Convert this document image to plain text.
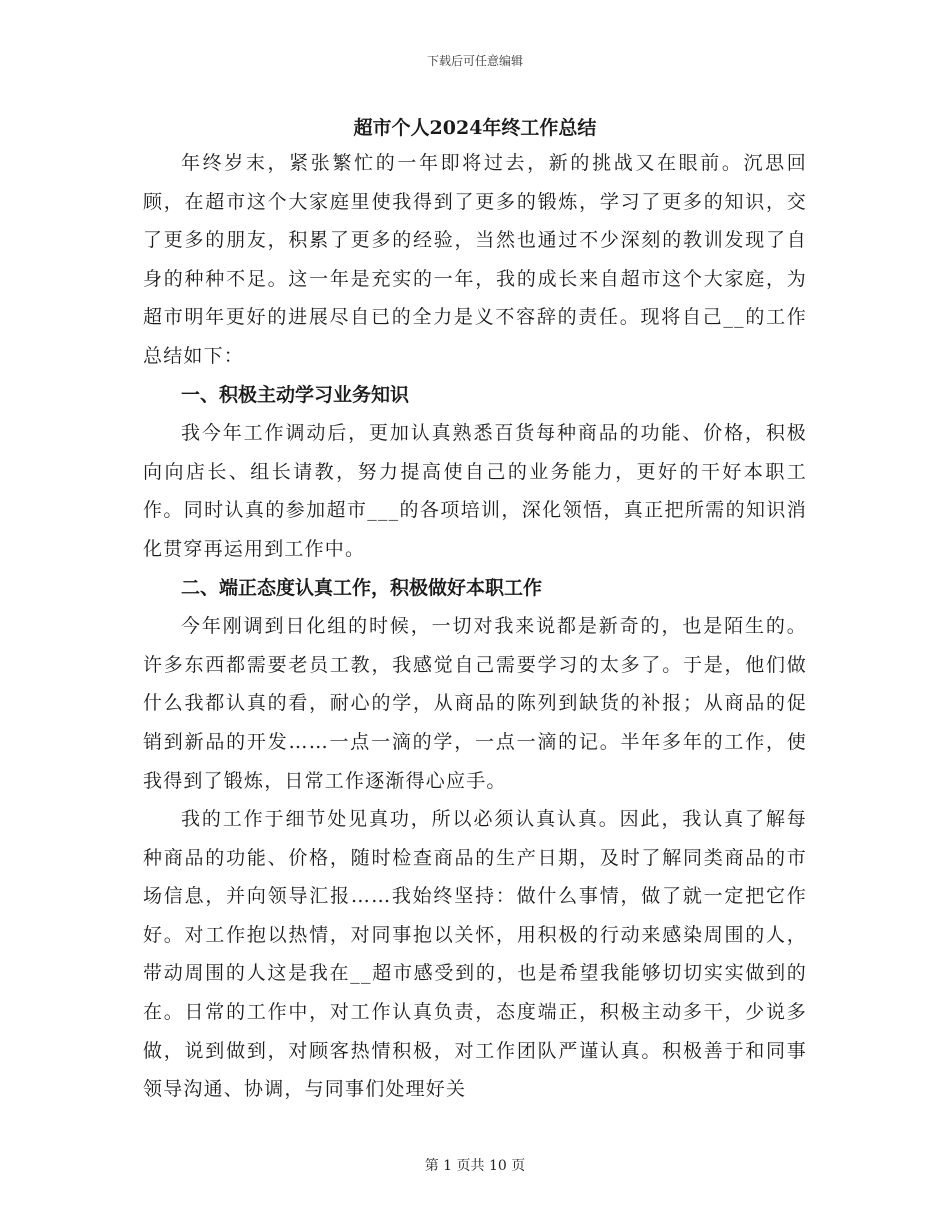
下载后可任意编辑
超市个人2024年终工作总结

年终岁末，紧张繁忙的一年即将过去，新的挑战又在眼前。沉思回顾，在超市这个大家庭里使我得到了更多的锻炼，学习了更多的知识，交了更多的朋友，积累了更多的经验，当然也通过不少深刻的教训发现了自身的种种不足。这一年是充实的一年，我的成长来自超市这个大家庭，为超市明年更好的进展尽自已的全力是义不容辞的责任。现将自己__的工作总结如下：

一、积极主动学习业务知识

我今年工作调动后，更加认真熟悉百货每种商品的功能、价格，积极向向店长、组长请教，努力提高使自己的业务能力，更好的干好本职工作。同时认真的参加超市___的各项培训，深化领悟，真正把所需的知识消化贯穿再运用到工作中。

二、端正态度认真工作，积极做好本职工作

今年刚调到日化组的时候，一切对我来说都是新奇的，也是陌生的。许多东西都需要老员工教，我感觉自己需要学习的太多了。于是，他们做什么我都认真的看，耐心的学，从商品的陈列到缺货的补报；从商品的促销到新品的开发……一点一滴的学，一点一滴的记。半年多年的工作，使我得到了锻炼，日常工作逐渐得心应手。

我的工作于细节处见真功，所以必须认真认真。因此，我认真了解每种商品的功能、价格，随时检查商品的生产日期，及时了解同类商品的市场信息，并向领导汇报……我始终坚持：做什么事情，做了就一定把它作好。对工作抱以热情，对同事抱以关怀，用积极的行动来感染周围的人，带动周围的人这是我在__超市感受到的，也是希望我能够切切实实做到的在。日常的工作中，对工作认真负责，态度端正，积极主动多干，少说多做，说到做到，对顾客热情积极，对工作团队严谨认真。积极善于和同事领导沟通、协调，与同事们处理好关

第 1 页共 10 页
